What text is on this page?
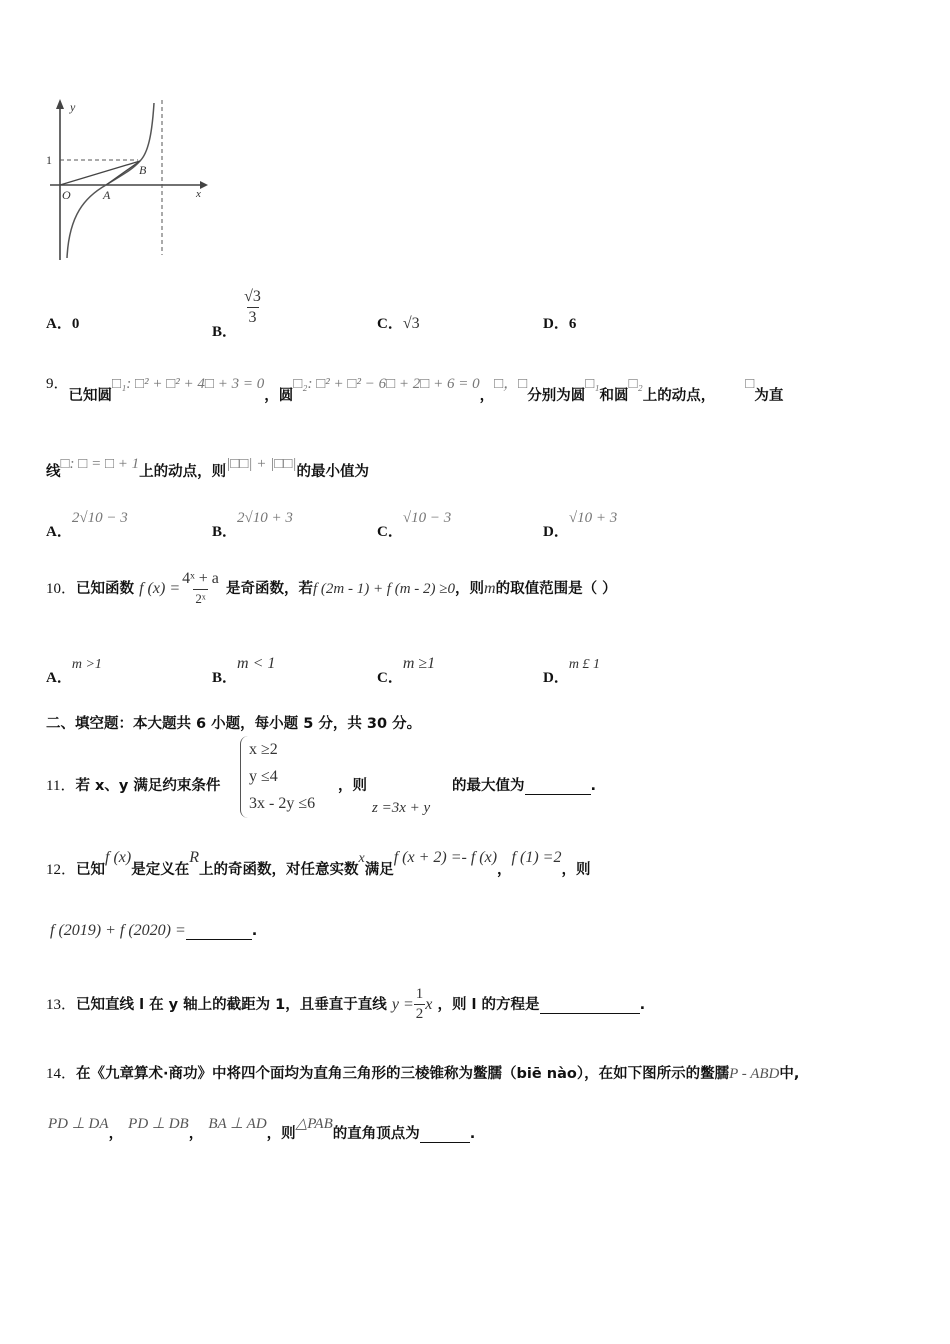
y
x
1
O	A
B
A．0	B．
$\frac{√3}{3}$	C．√3	D．6
9．已知圆□₁: □² + □² + 4□ + 3 = 0，圆□₂: □² + □² − 6□ + 2□ + 6 = 0，□，□分别为圆□₁和圆□₂上的动点，□为直
线□: □ = □ + 1上的动点，则|□□| + |□□|的最小值为
A．2√10 − 3
B．2√10 + 3
C．√10 − 3
D．√10 + 3
10．已知函数 f $(x) = \frac{\text{4ˣ + a}}{\text{2ˣ}}$ 是奇函数，若f (2m - 1) + f (m - 2) ≥0，则m的取值范围是（ ）
A．m >1
B．m < 1
C．m ≥1
D．m £ 1
二、填空题：本大题共 6 小题，每小题 5 分，共 30 分。
11．若 x、y 满足约束条件
x ≥2
y ≤4
3x - 2y ≤6
，则
z =3x + y
的最大值为	.
12．已知f (x)是定义在R上的奇函数，对任意实数x满足f (x + 2) =- f (x)，f (1) =2，则
f (2019) + f (2020) =	.
13．已知直线 l 在 y 轴上的截距为 1，且垂直于直线 $y = \frac{1}{2}$ x ，则 l 的方程是	.
14．在《九章算术·商功》中将四个面均为直角三角形的三棱锥称为鳖臑（biē nào），在如下图所示的鳖臑P - ABD中,
PD ⊥ DA， PD ⊥ DB， BA ⊥ AD，则△PAB的直角顶点为	.
